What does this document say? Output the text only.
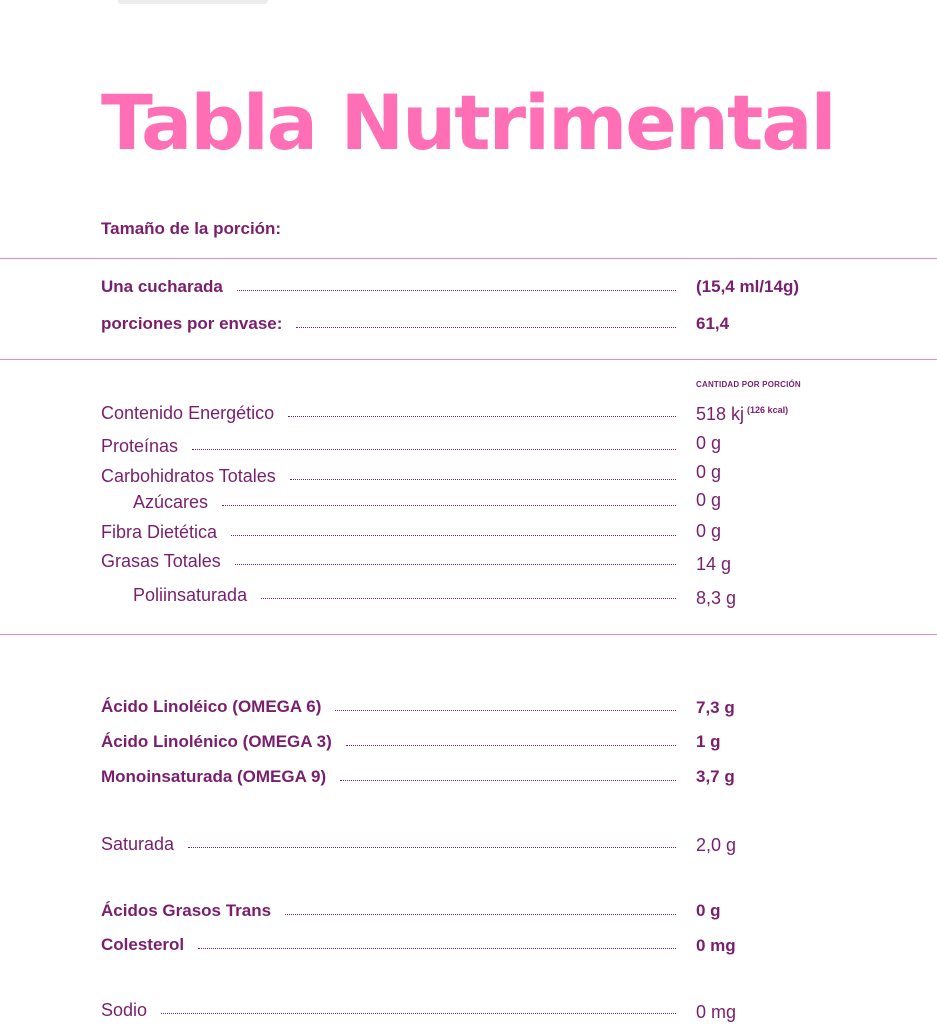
Tabla Nutrimental
Tamaño de la porción:
Una cucharada	(15,4 ml/14g)
porciones por envase:	61,4
CANTIDAD POR PORCIÓN
Contenido Energético	518 kj $^{(126 kcal)}$
Proteínas	0 g
Carbohidratos Totales	0 g
Azúcares	0 g
Fibra Dietética	0 g
Grasas Totales	14 g
Poliinsaturada	8,3 g
Ácido Linoléico (OMEGA 6)	7,3 g
Ácido Linolénico (OMEGA 3)	1 g
Monoinsaturada (OMEGA 9)	3,7 g
Saturada	2,0 g
Ácidos Grasos Trans	0 g
Colesterol	0 mg
Sodio	0 mg
